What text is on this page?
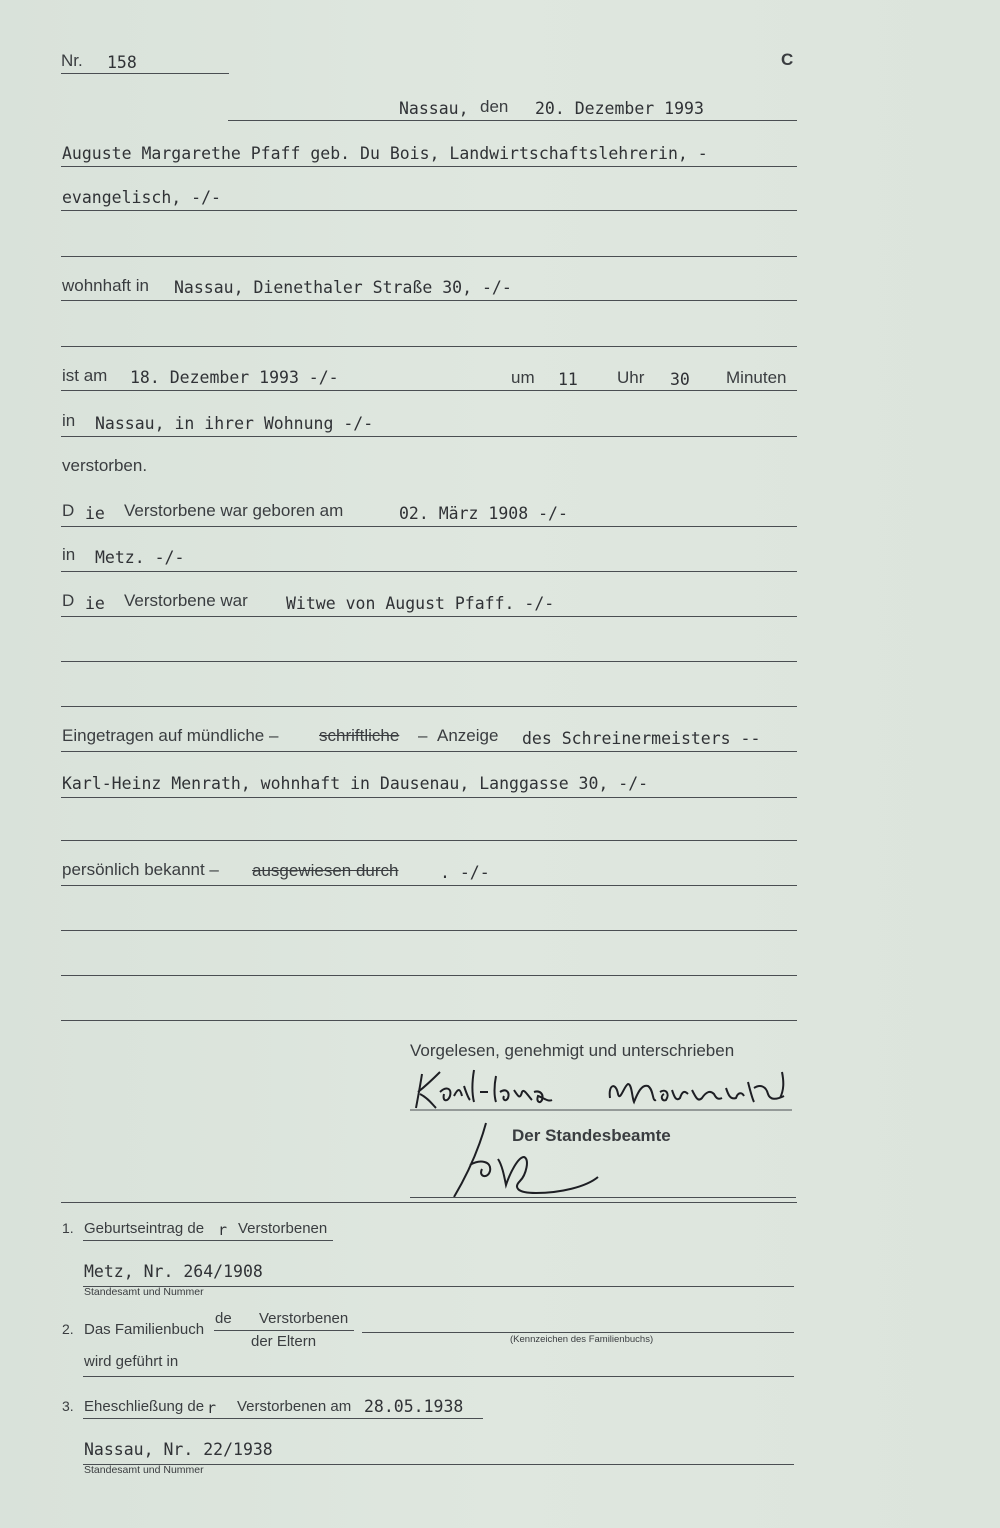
Nr. 158	C
Nassau, den 20. Dezember 1993
Auguste Margarethe Pfaff geb. Du Bois, Landwirtschaftslehrerin, -
evangelisch, -/-
wohnhaft in Nassau, Dienethaler Straße 30, -/-
ist am 18. Dezember 1993 -/-	um 11 Uhr 30 Minuten
in Nassau, in ihrer Wohnung -/-
verstorben.
D ie Verstorbene war geboren am	02. März 1908 -/-
in Metz. -/-
D ie Verstorbene war Witwe von August Pfaff. -/-
Eingetragen auf mündliche – schriftliche – Anzeige des Schreinermeisters --
Karl-Heinz Menrath, wohnhaft in Dausenau, Langgasse 30, -/-
persönlich bekannt – ausgewiesen durch	. -/-
Vorgelesen, genehmigt und unterschrieben
Der Standesbeamte
1. Geburtseintrag de r Verstorbenen
Metz, Nr. 264/1908
Standesamt und Nummer
2. Das Familienbuch
de Verstorbenen
der Eltern	(Kennzeichen des Familienbuchs)
wird geführt in
3. Eheschließung de r Verstorbenen am 28.05.1938
Nassau, Nr. 22/1938
Standesamt und Nummer
